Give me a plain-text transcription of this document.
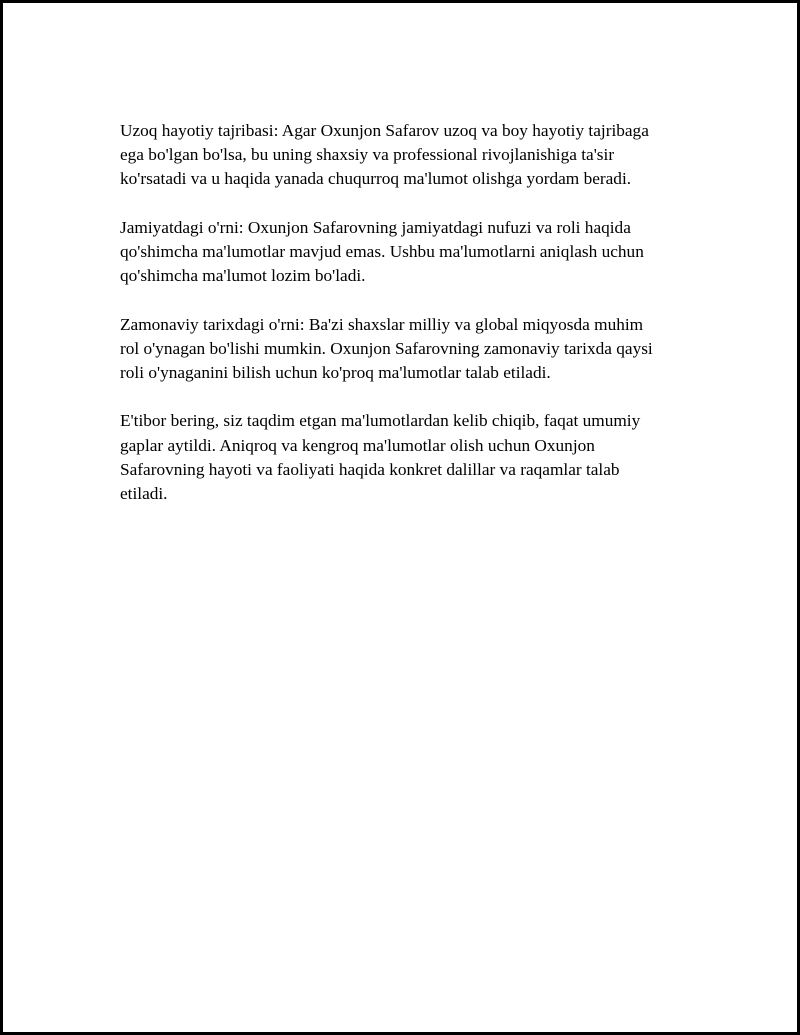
Uzoq hayotiy tajribasi: Agar Oxunjon Safarov uzoq va boy hayotiy tajribaga
ega bo'lgan bo'lsa, bu uning shaxsiy va professional rivojlanishiga ta'sir
ko'rsatadi va u haqida yanada chuqurroq ma'lumot olishga yordam beradi.

Jamiyatdagi o'rni: Oxunjon Safarovning jamiyatdagi nufuzi va roli haqida
qo'shimcha ma'lumotlar mavjud emas. Ushbu ma'lumotlarni aniqlash uchun
qo'shimcha ma'lumot lozim bo'ladi.

Zamonaviy tarixdagi o'rni: Ba'zi shaxslar milliy va global miqyosda muhim
rol o'ynagan bo'lishi mumkin. Oxunjon Safarovning zamonaviy tarixda qaysi
roli o'ynaganini bilish uchun ko'proq ma'lumotlar talab etiladi.

E'tibor bering, siz taqdim etgan ma'lumotlardan kelib chiqib, faqat umumiy
gaplar aytildi. Aniqroq va kengroq ma'lumotlar olish uchun Oxunjon
Safarovning hayoti va faoliyati haqida konkret dalillar va raqamlar talab
etiladi.
